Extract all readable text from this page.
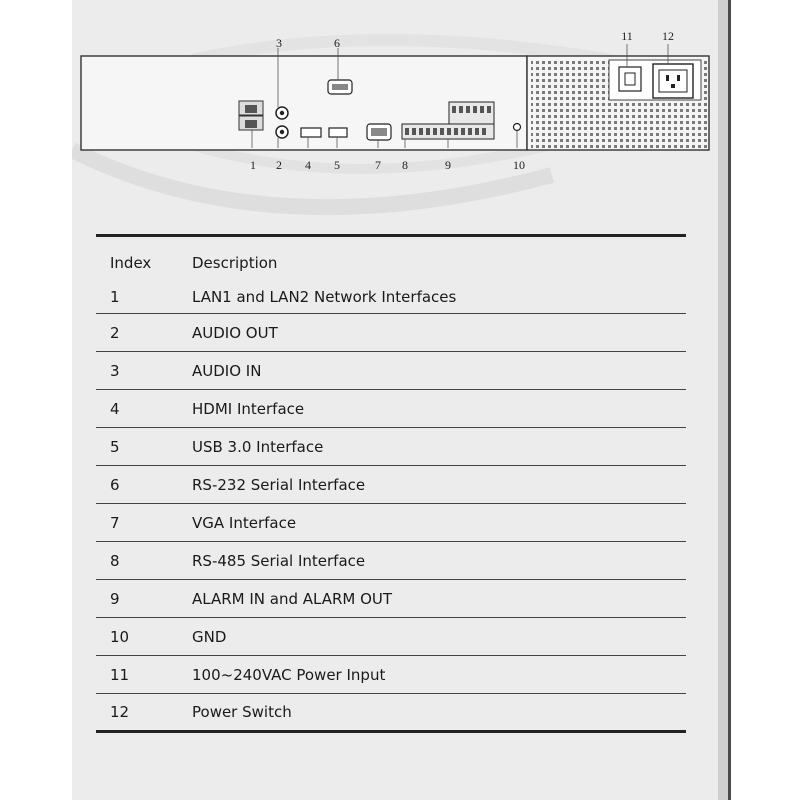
1	2
3
4	5
6
7	8	9	10
11	12
Index	Description
1	LAN1 and LAN2 Network Interfaces
2	AUDIO OUT
3	AUDIO IN
4	HDMI Interface
5	USB 3.0 Interface
6	RS-232 Serial Interface
7	VGA Interface
8	RS-485 Serial Interface
9	ALARM IN and ALARM OUT
10	GND
11	100~240VAC Power Input
12	Power Switch
